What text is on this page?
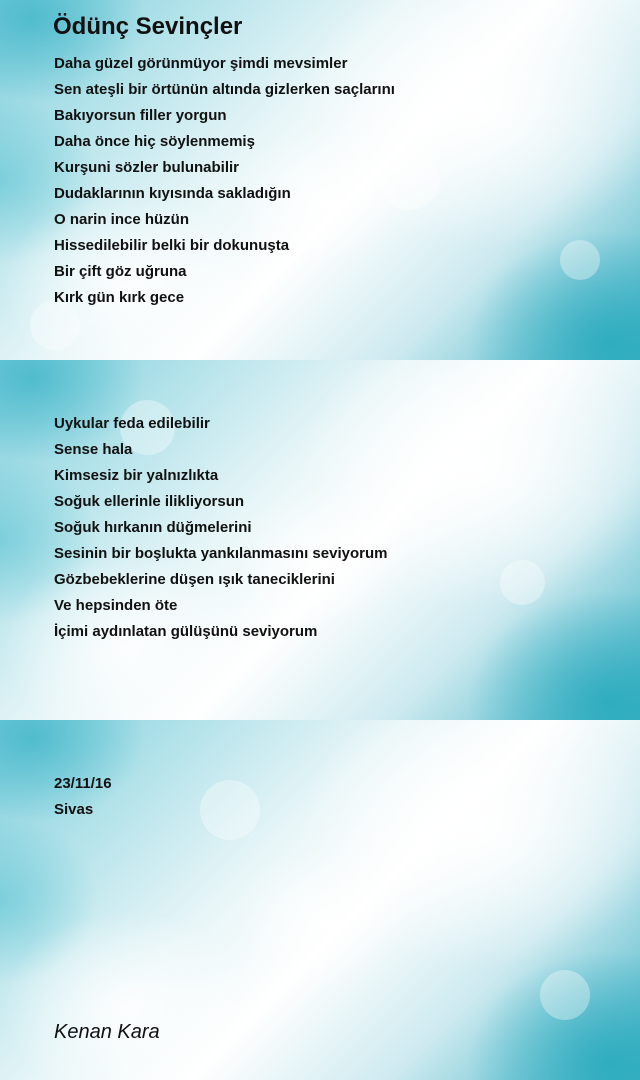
Ödünç Sevinçler
Daha güzel görünmüyor şimdi mevsimler
Sen ateşli bir örtünün altında gizlerken saçlarını
Bakıyorsun filler yorgun
Daha önce hiç söylenmemiş
Kurşuni sözler bulunabilir
Dudaklarının kıyısında sakladığın
O narin ince hüzün
Hissedilebilir belki bir dokunuşta
Bir çift göz uğruna
Kırk gün kırk gece
Uykular feda edilebilir
Sense hala
Kimsesiz bir yalnızlıkta
Soğuk ellerinle ilikliyorsun
Soğuk hırkanın düğmelerini
Sesinin bir boşlukta yankılanmasını seviyorum
Gözbebeklerine düşen ışık taneciklerini
Ve hepsinden öte
İçimi aydınlatan gülüşünü seviyorum
23/11/16
Sivas
Kenan Kara
